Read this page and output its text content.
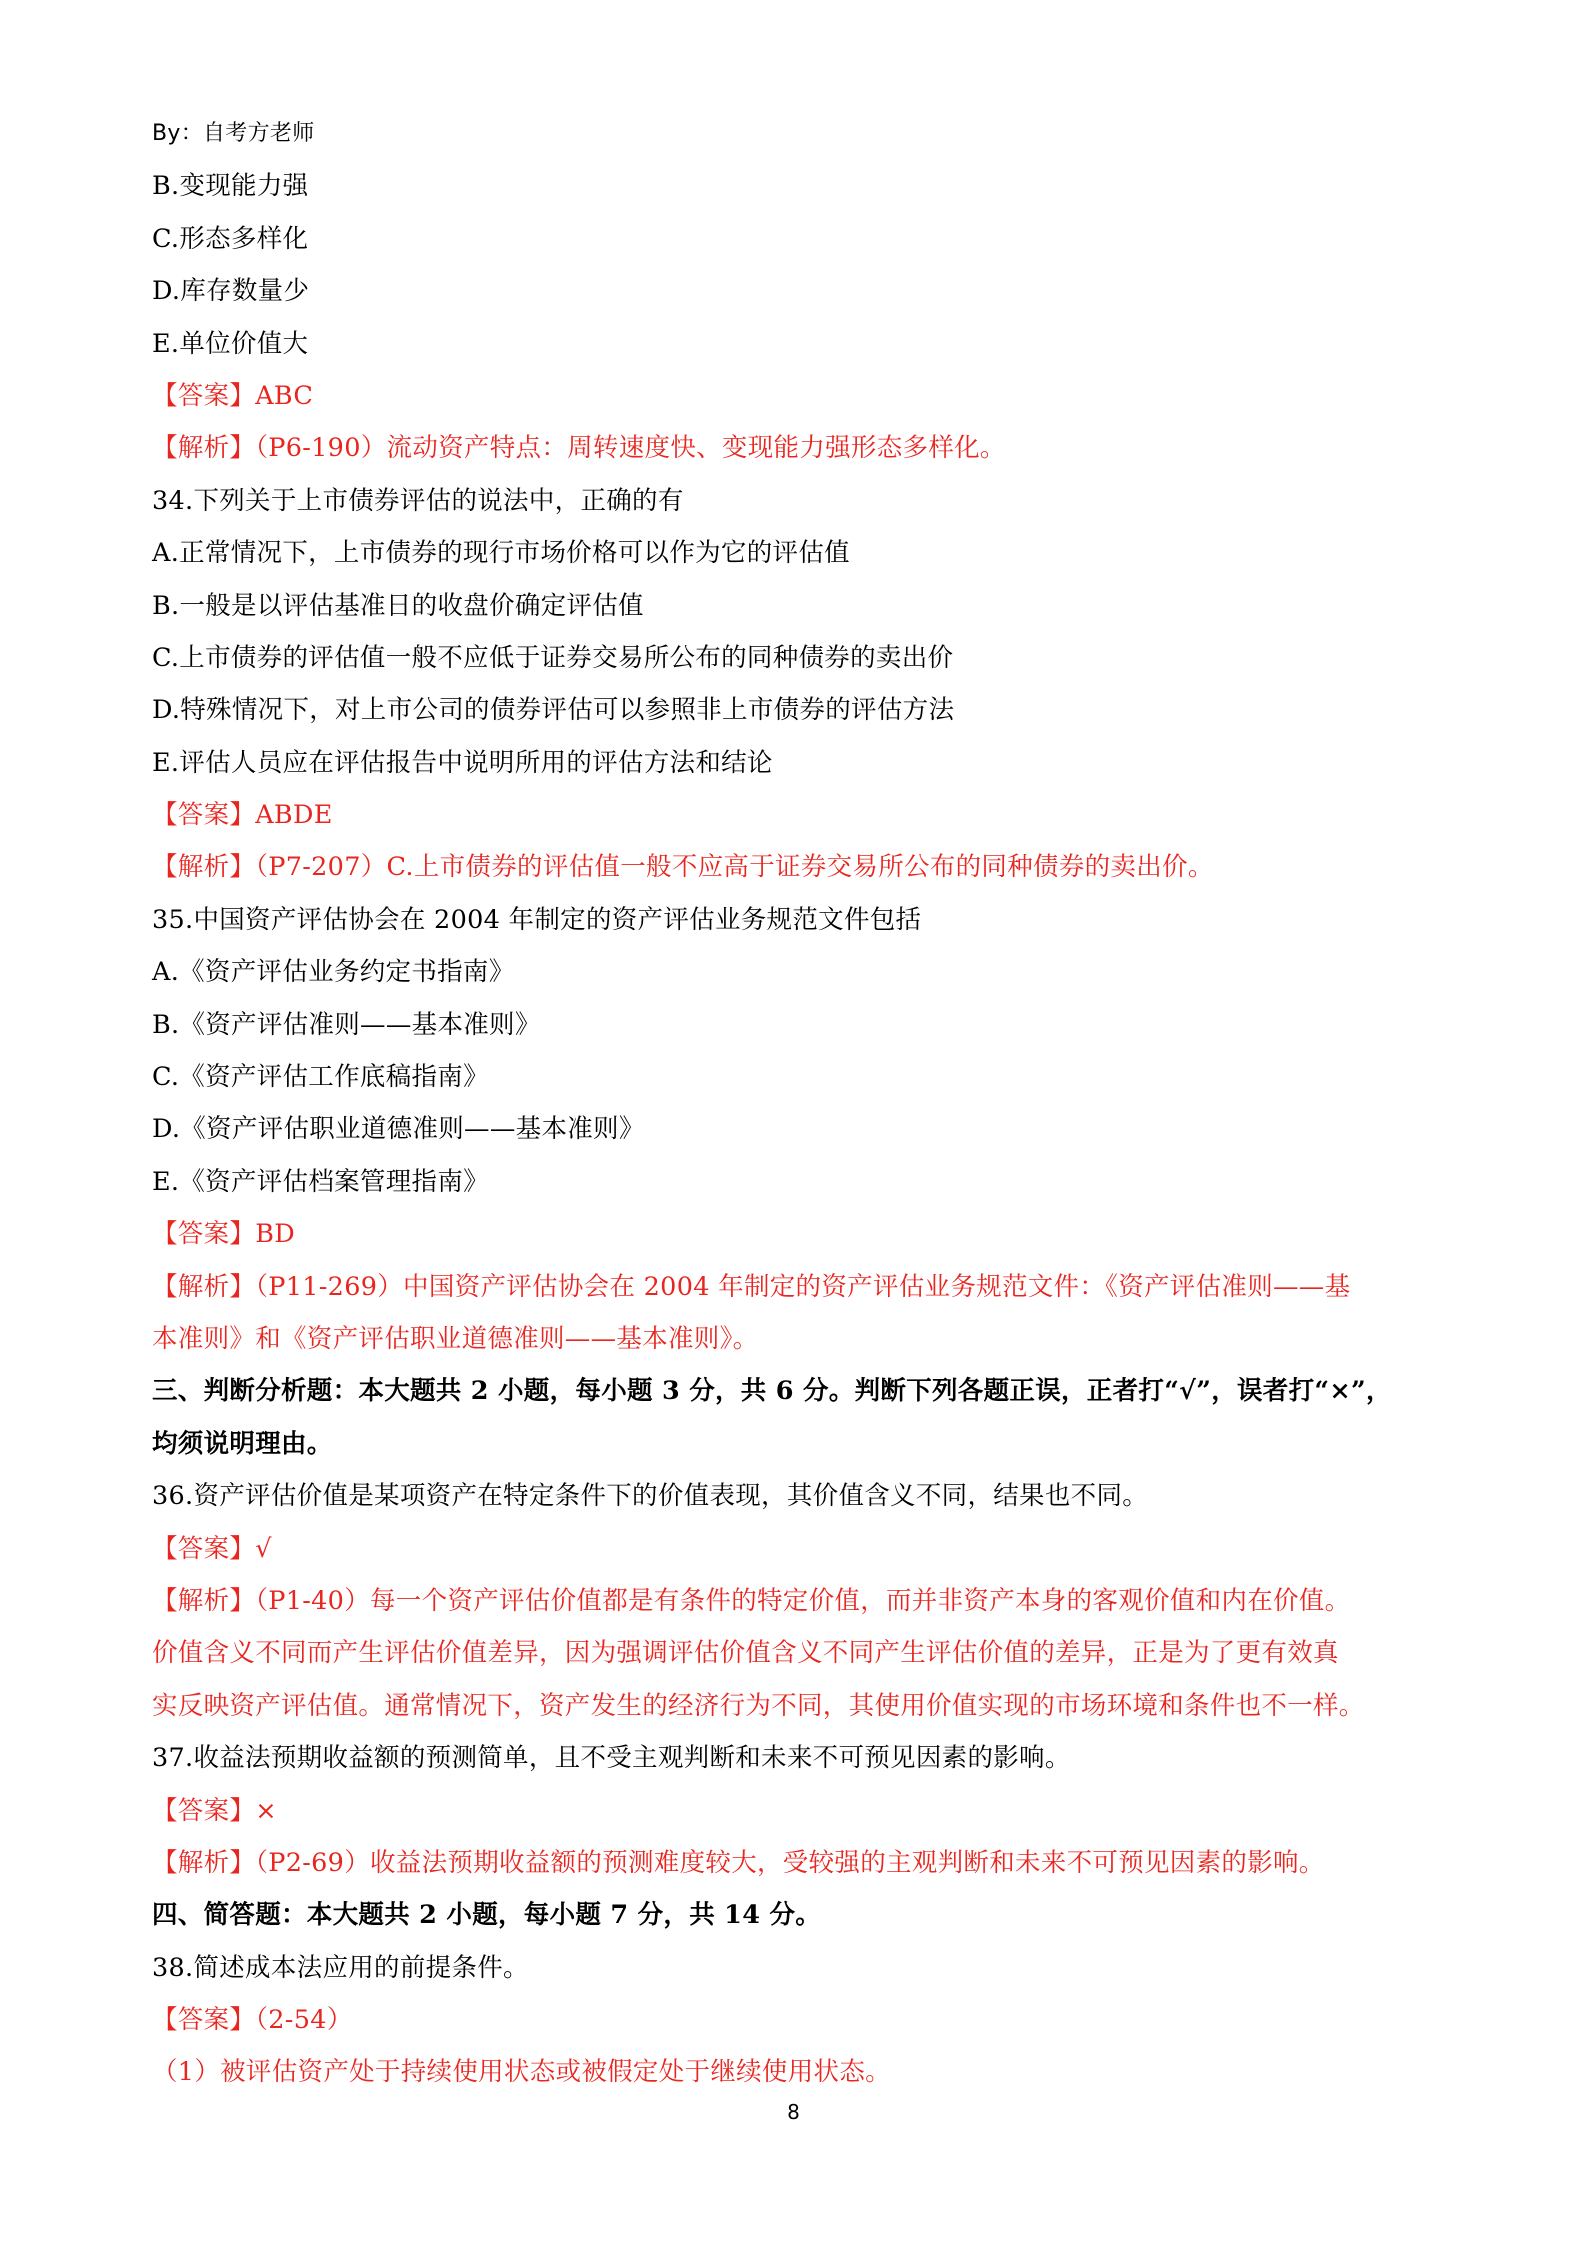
By：自考方老师
B.变现能力强
C.形态多样化
D.库存数量少
E.单位价值大
【答案】ABC
【解析】（P6-190）流动资产特点：周转速度快、变现能力强形态多样化。
34.下列关于上市债券评估的说法中，正确的有
A.正常情况下，上市债券的现行市场价格可以作为它的评估值
B.一般是以评估基准日的收盘价确定评估值
C.上市债券的评估值一般不应低于证券交易所公布的同种债券的卖出价
D.特殊情况下，对上市公司的债券评估可以参照非上市债券的评估方法
E.评估人员应在评估报告中说明所用的评估方法和结论
【答案】ABDE
【解析】（P7-207）C.上市债券的评估值一般不应高于证券交易所公布的同种债券的卖出价。
35.中国资产评估协会在 2004 年制定的资产评估业务规范文件包括
A.《资产评估业务约定书指南》
B.《资产评估准则——基本准则》
C.《资产评估工作底稿指南》
D.《资产评估职业道德准则——基本准则》
E.《资产评估档案管理指南》
【答案】BD
【解析】（P11-269）中国资产评估协会在 2004 年制定的资产评估业务规范文件：《资产评估准则——基
本准则》和《资产评估职业道德准则——基本准则》。
三、判断分析题：本大题共 2 小题，每小题 3 分，共 6 分。判断下列各题正误，正者打“√”，误者打“×”，
均须说明理由。
36.资产评估价值是某项资产在特定条件下的价值表现，其价值含义不同，结果也不同。
【答案】√
【解析】（P1-40）每一个资产评估价值都是有条件的特定价值，而并非资产本身的客观价值和内在价值。
价值含义不同而产生评估价值差异，因为强调评估价值含义不同产生评估价值的差异，正是为了更有效真
实反映资产评估值。通常情况下，资产发生的经济行为不同，其使用价值实现的市场环境和条件也不一样。
37.收益法预期收益额的预测简单，且不受主观判断和未来不可预见因素的影响。
【答案】×
【解析】（P2-69）收益法预期收益额的预测难度较大，受较强的主观判断和未来不可预见因素的影响。
四、简答题：本大题共 2 小题，每小题 7 分，共 14 分。
38.简述成本法应用的前提条件。
【答案】（2-54）
（1）被评估资产处于持续使用状态或被假定处于继续使用状态。
8
